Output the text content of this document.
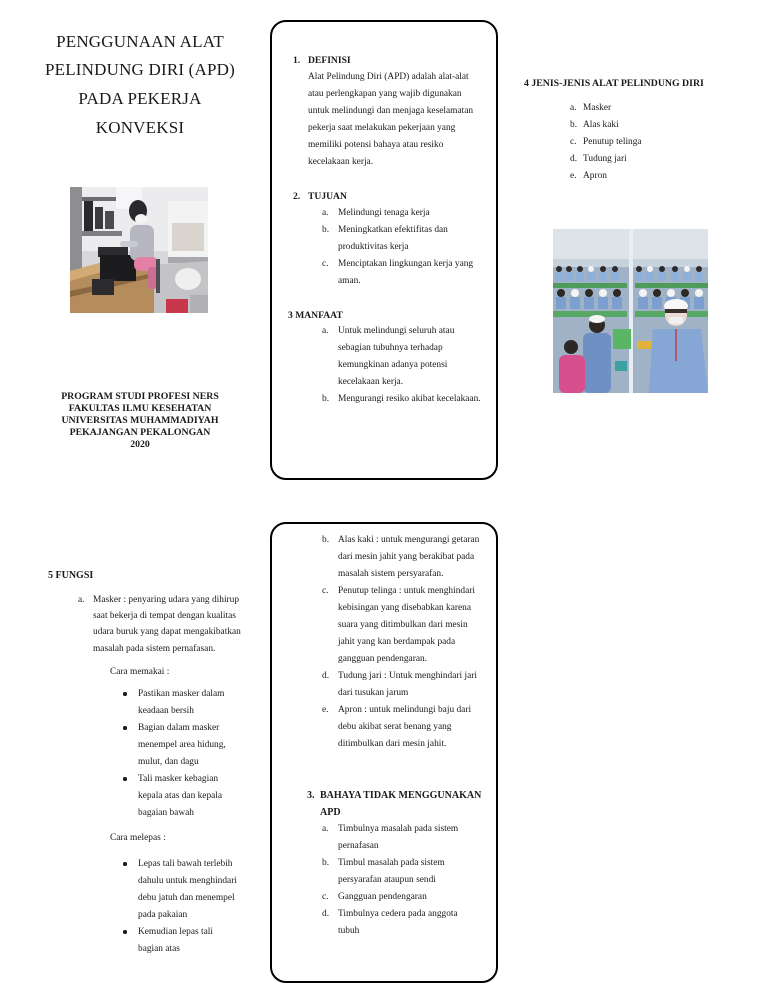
PENGGUNAAN ALAT
PELINDUNG DIRI (APD)
PADA PEKERJA
KONVEKSI
PROGRAM STUDI PROFESI NERS
FAKULTAS ILMU KESEHATAN
UNIVERSITAS MUHAMMADIYAH
PEKAJANGAN PEKALONGAN
2020
1. DEFINISI
Alat Pelindung Diri (APD) adalah alat-alat
atau perlengkapan yang wajib digunakan
untuk melindungi dan menjaga keselamatan
pekerja saat melakukan pekerjaan yang
memiliki potensi bahaya atau resiko
kecelakaan kerja.
2. TUJUAN

a.

Melindungi tenaga kerja

b.

Meningkatkan efektifitas dan
produktivitas kerja

c.

Menciptakan lingkungan kerja yang
aman.

3 MANFAAT

a.

Untuk melindungi seluruh atau
sebagian tubuhnya terhadap
kemungkinan adanya potensi
kecelakaan kerja.

b.

Mengurangi resiko akibat kecelakaan.

4 JENIS-JENIS ALAT PELINDUNG DIRI

a.

Masker

b.

Alas kaki

c.

Penutup telinga

d.

Tudung jari

e.

Apron

5 FUNGSI

a.

Masker : penyaring udara yang dihirup
saat bekerja di tempat dengan kualitas
udara buruk yang dapat mengakibatkan
masalah pada sistem pernafasan.

Cara memakai :
Pastikan masker dalam
keadaan bersih
Bagian dalam masker
menempel area hidung,
mulut, dan dagu
Tali masker kebagian
kepala atas dan kepala
bagaian bawah
Cara melepas :
Lepas tali bawah terlebih
dahulu untuk menghindari
debu jatuh dan menempel
pada pakaian
Kemudian lepas tali
bagian atas

b.

Alas kaki : untuk mengurangi getaran
dari mesin jahit yang berakibat pada
masalah sistem persyarafan.

c.

Penutup telinga : untuk menghindari
kebisingan yang disebabkan karena
suara yang ditimbulkan dari mesin
jahit yang kan berdampak pada
gangguan pendengaran.

d.

Tudung jari : Untuk menghindari jari
dari tusukan jarum

e.

Apron : untuk melindungi baju dari
debu akibat serat benang yang
ditimbulkan dari mesin jahit.

3. BAHAYA TIDAK MENGGUNAKAN
APD

a.

Timbulnya masalah pada sistem
pernafasan

b.

Timbul masalah pada sistem
persyarafan ataupun sendi

c.

Gangguan pendengaran

d.

Timbulnya cedera pada anggota
tubuh
